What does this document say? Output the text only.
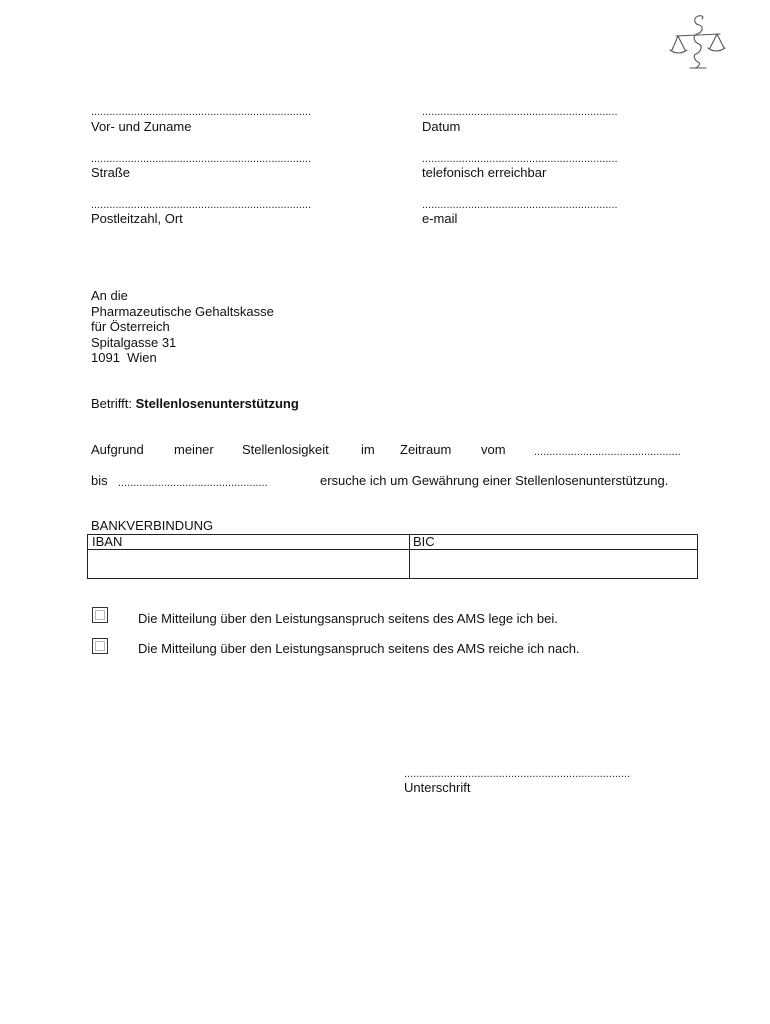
........................................................................
Vor- und Zuname
................................................................
Datum
........................................................................
Straße
................................................................
telefonisch erreichbar
........................................................................
Postleitzahl, Ort
................................................................
e-mail
An die
Pharmazeutische Gehaltskasse
für Österreich
Spitalgasse 31
1091  Wien
Betrifft: Stellenlosenunterstützung
Aufgrund meiner Stellenlosigkeit im Zeitraum vom	................................................
bis .................................................	ersuche ich um Gewährung einer Stellenlosenunterstützung.
BANKVERBINDUNG
IBAN	BIC
Die Mitteilung über den Leistungsanspruch seitens des AMS lege ich bei.
Die Mitteilung über den Leistungsanspruch seitens des AMS reiche ich nach.
..........................................................................
Unterschrift
